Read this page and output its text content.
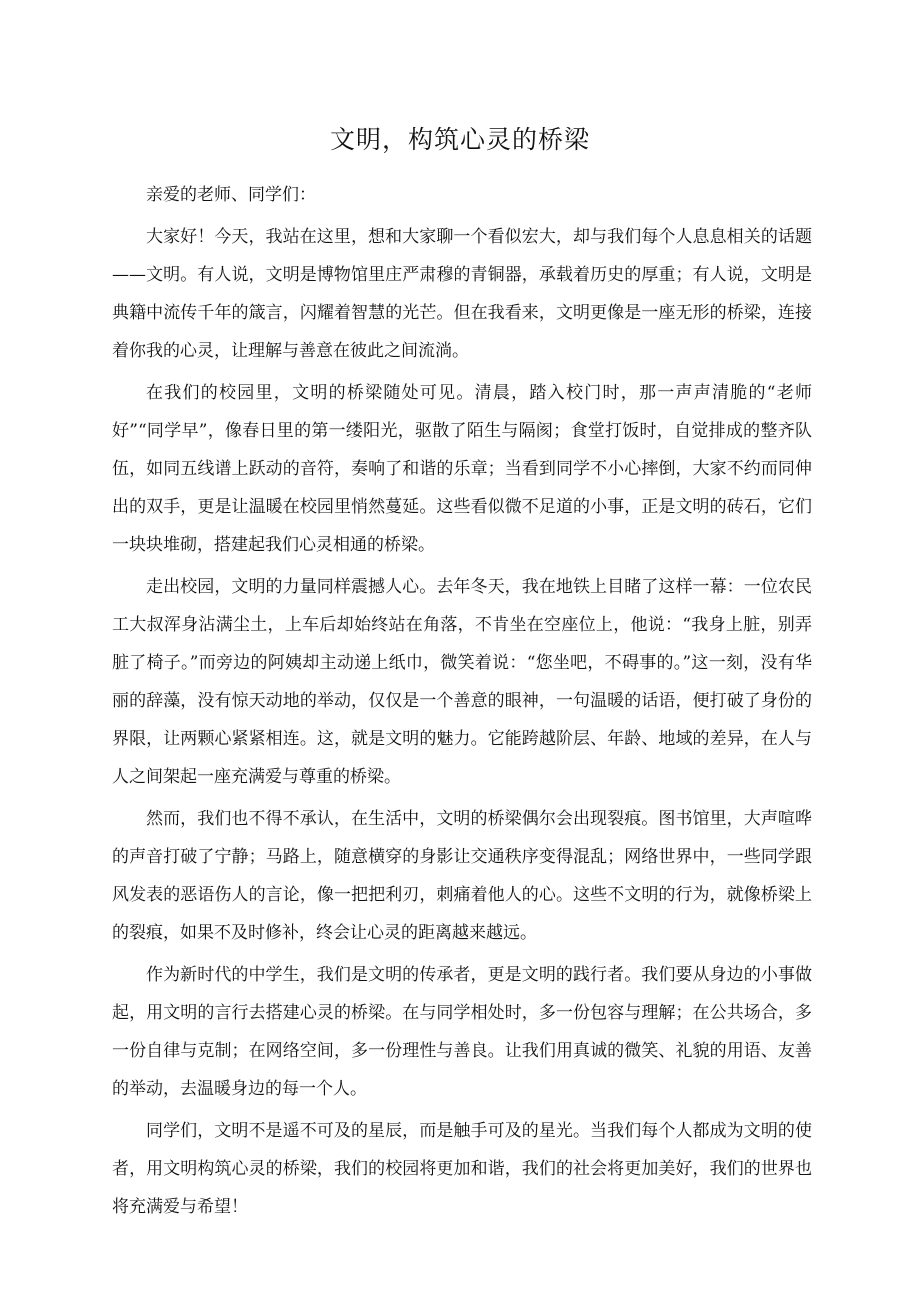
文明，构筑心灵的桥梁

亲爱的老师、同学们：

大家好！今天，我站在这里，想和大家聊一个看似宏大，却与我们每个人息息相关的话题——文明。有人说，文明是博物馆里庄严肃穆的青铜器，承载着历史的厚重；有人说，文明是典籍中流传千年的箴言，闪耀着智慧的光芒。但在我看来，文明更像是一座无形的桥梁，连接着你我的心灵，让理解与善意在彼此之间流淌。

在我们的校园里，文明的桥梁随处可见。清晨，踏入校门时，那一声声清脆的“老师好”“同学早”，像春日里的第一缕阳光，驱散了陌生与隔阂；食堂打饭时，自觉排成的整齐队伍，如同五线谱上跃动的音符，奏响了和谐的乐章；当看到同学不小心摔倒，大家不约而同伸出的双手，更是让温暖在校园里悄然蔓延。这些看似微不足道的小事，正是文明的砖石，它们一块块堆砌，搭建起我们心灵相通的桥梁。

走出校园，文明的力量同样震撼人心。去年冬天，我在地铁上目睹了这样一幕：一位农民工大叔浑身沾满尘土，上车后却始终站在角落，不肯坐在空座位上，他说：“我身上脏，别弄脏了椅子。”而旁边的阿姨却主动递上纸巾，微笑着说：“您坐吧，不碍事的。”这一刻，没有华丽的辞藻，没有惊天动地的举动，仅仅是一个善意的眼神，一句温暖的话语，便打破了身份的界限，让两颗心紧紧相连。这，就是文明的魅力。它能跨越阶层、年龄、地域的差异，在人与人之间架起一座充满爱与尊重的桥梁。

然而，我们也不得不承认，在生活中，文明的桥梁偶尔会出现裂痕。图书馆里，大声喧哗的声音打破了宁静；马路上，随意横穿的身影让交通秩序变得混乱；网络世界中，一些同学跟风发表的恶语伤人的言论，像一把把利刃，刺痛着他人的心。这些不文明的行为，就像桥梁上的裂痕，如果不及时修补，终会让心灵的距离越来越远。

作为新时代的中学生，我们是文明的传承者，更是文明的践行者。我们要从身边的小事做起，用文明的言行去搭建心灵的桥梁。在与同学相处时，多一份包容与理解；在公共场合，多一份自律与克制；在网络空间，多一份理性与善良。让我们用真诚的微笑、礼貌的用语、友善的举动，去温暖身边的每一个人。

同学们，文明不是遥不可及的星辰，而是触手可及的星光。当我们每个人都成为文明的使者，用文明构筑心灵的桥梁，我们的校园将更加和谐，我们的社会将更加美好，我们的世界也将充满爱与希望！
